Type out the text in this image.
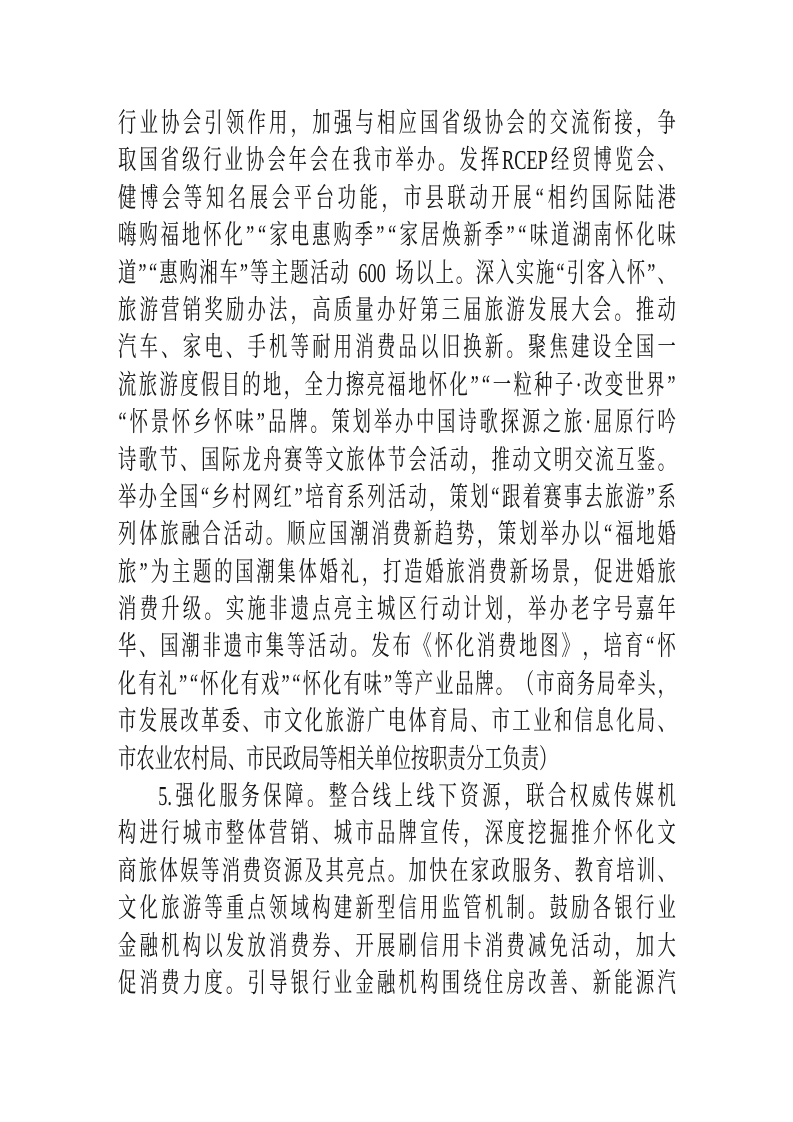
行 业 协 会 引 领 作 用 ， 加 强 与 相 应 国 省 级 协 会 的 交 流 衔 接 ， 争
取 国 省 级 行 业 协 会 年 会 在 我 市 举 办 。 发 挥 RCEP 经 贸 博 览 会 、
健 博 会 等 知 名 展 会 平 台 功 能 ， 市 县 联 动 开 展 “ 相 约 国 际 陆 港
嗨 购 福 地 怀 化 ” “ 家 电 惠 购 季 ” “ 家 居 焕 新 季 ” “ 味 道 湖 南 怀 化 味
道 ” “ 惠 购 湘 车 ” 等 主 题 活 动
600
场 以 上 。 深 入 实 施 “ 引 客 入 怀 ” 、
旅 游 营 销 奖 励 办 法 ， 高 质 量 办 好 第 三 届 旅 游 发 展 大 会 。 推 动
汽 车 、 家 电 、 手 机 等 耐 用 消 费 品 以 旧 换 新 。 聚 焦 建 设 全 国 一
流 旅 游 度 假 目 的 地 ， 全 力 擦 亮 福 地 怀 化 ” “ 一 粒 种 子 · 改 变 世 界 ”
“ 怀 景 怀 乡 怀 味 ” 品 牌 。 策 划 举 办 中 国 诗 歌 探 源 之 旅 · 屈 原 行 吟
诗 歌 节 、 国 际 龙 舟 赛 等 文 旅 体 节 会 活 动 ， 推 动 文 明 交 流 互 鉴 。
举 办 全 国 “ 乡 村 网 红 ” 培 育 系 列 活 动 ， 策 划 “ 跟 着 赛 事 去 旅 游 ” 系
列 体 旅 融 合 活 动 。 顺 应 国 潮 消 费 新 趋 势 ， 策 划 举 办 以 “ 福 地 婚
旅 ” 为 主 题 的 国 潮 集 体 婚 礼 ， 打 造 婚 旅 消 费 新 场 景 ， 促 进 婚 旅
消 费 升 级 。 实 施 非 遗 点 亮 主 城 区 行 动 计 划 ， 举 办 老 字 号 嘉 年
华 、 国 潮 非 遗 市 集 等 活 动 。 发 布 《 怀 化 消 费 地 图 》 ， 培 育 “ 怀
化 有 礼 ” “ 怀 化 有 戏 ” “ 怀 化 有 味 ” 等 产 业 品 牌 。 （ 市 商 务 局 牵 头 ，
市 发 展 改 革 委 、 市 文 化 旅 游 广 电 体 育 局 、 市 工 业 和 信 息 化 局 、
市 农 业 农 村 局 、 市 民 政 局 等 相 关 单 位 按 职 责 分 工 负 责 ）
5. 强 化 服 务 保 障 。 整 合 线 上 线 下 资 源 ， 联 合 权 威 传 媒 机
构 进 行 城 市 整 体 营 销 、 城 市 品 牌 宣 传 ， 深 度 挖 掘 推 介 怀 化 文
商 旅 体 娱 等 消 费 资 源 及 其 亮 点 。 加 快 在 家 政 服 务 、 教 育 培 训 、
文 化 旅 游 等 重 点 领 域 构 建 新 型 信 用 监 管 机 制 。 鼓 励 各 银 行 业
金 融 机 构 以 发 放 消 费 券 、 开 展 刷 信 用 卡 消 费 减 免 活 动 ， 加 大
促 消 费 力 度 。 引 导 银 行 业 金 融 机 构 围 绕 住 房 改 善 、 新 能 源 汽
